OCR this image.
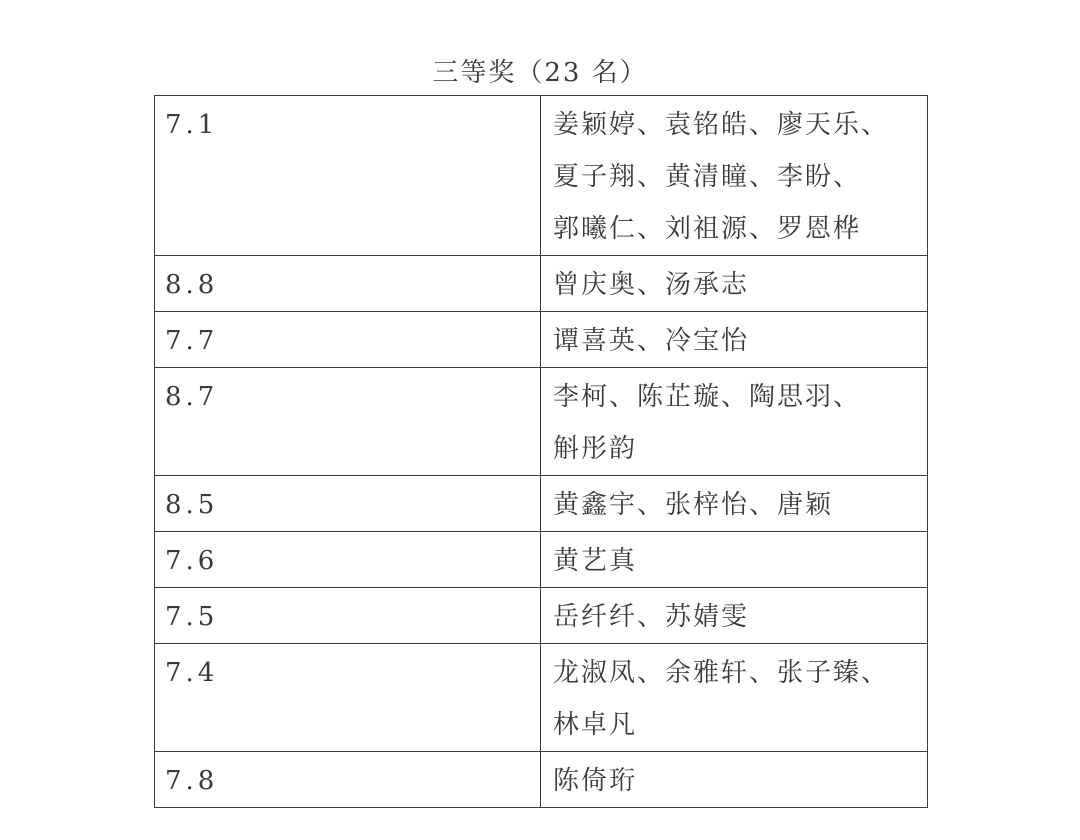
三等奖（23 名）
7.1	姜颖婷、袁铭皓、廖天乐、
夏子翔、黄清瞳、李盼、
郭曦仁、刘祖源、罗恩桦

8.8	曾庆奥、汤承志

7.7	谭喜英、冷宝怡

8.7	李柯、陈芷璇、陶思羽、
斛彤韵

8.5	黄鑫宇、张梓怡、唐颖

7.6	黄艺真

7.5	岳纤纤、苏婧雯

7.4	龙淑凤、余雅轩、张子臻、
林卓凡

7.8	陈倚珩
